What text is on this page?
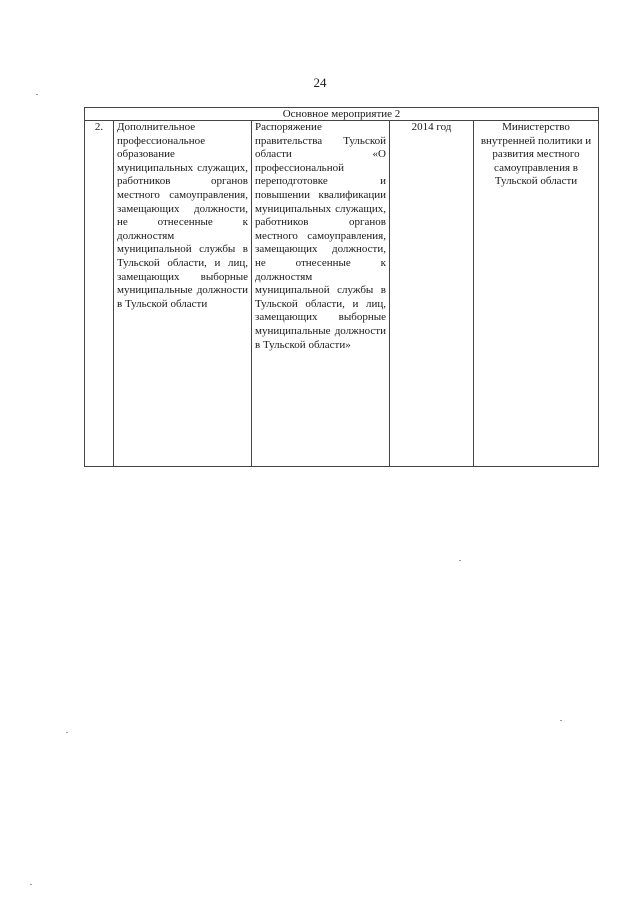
24
Основное мероприятие 2
2.	Дополнительное профессиональное образование муниципальных служащих, работников органов местного самоуправления, замещающих должности, не отнесенные к должностям муниципальной службы в Тульской области, и лиц, замещающих выборные муниципальные должности в Тульской области	Распоряжение правительства Тульской области «О профессиональной переподготовке и повышении квалификации муниципальных служащих, работников органов местного самоуправления, замещающих должности, не отнесенные к должностям муниципальной службы в Тульской области, и лиц, замещающих выборные муниципальные должности в Тульской области»	2014 год	Министерство внутренней политики и развития местного самоуправления в Тульской области
